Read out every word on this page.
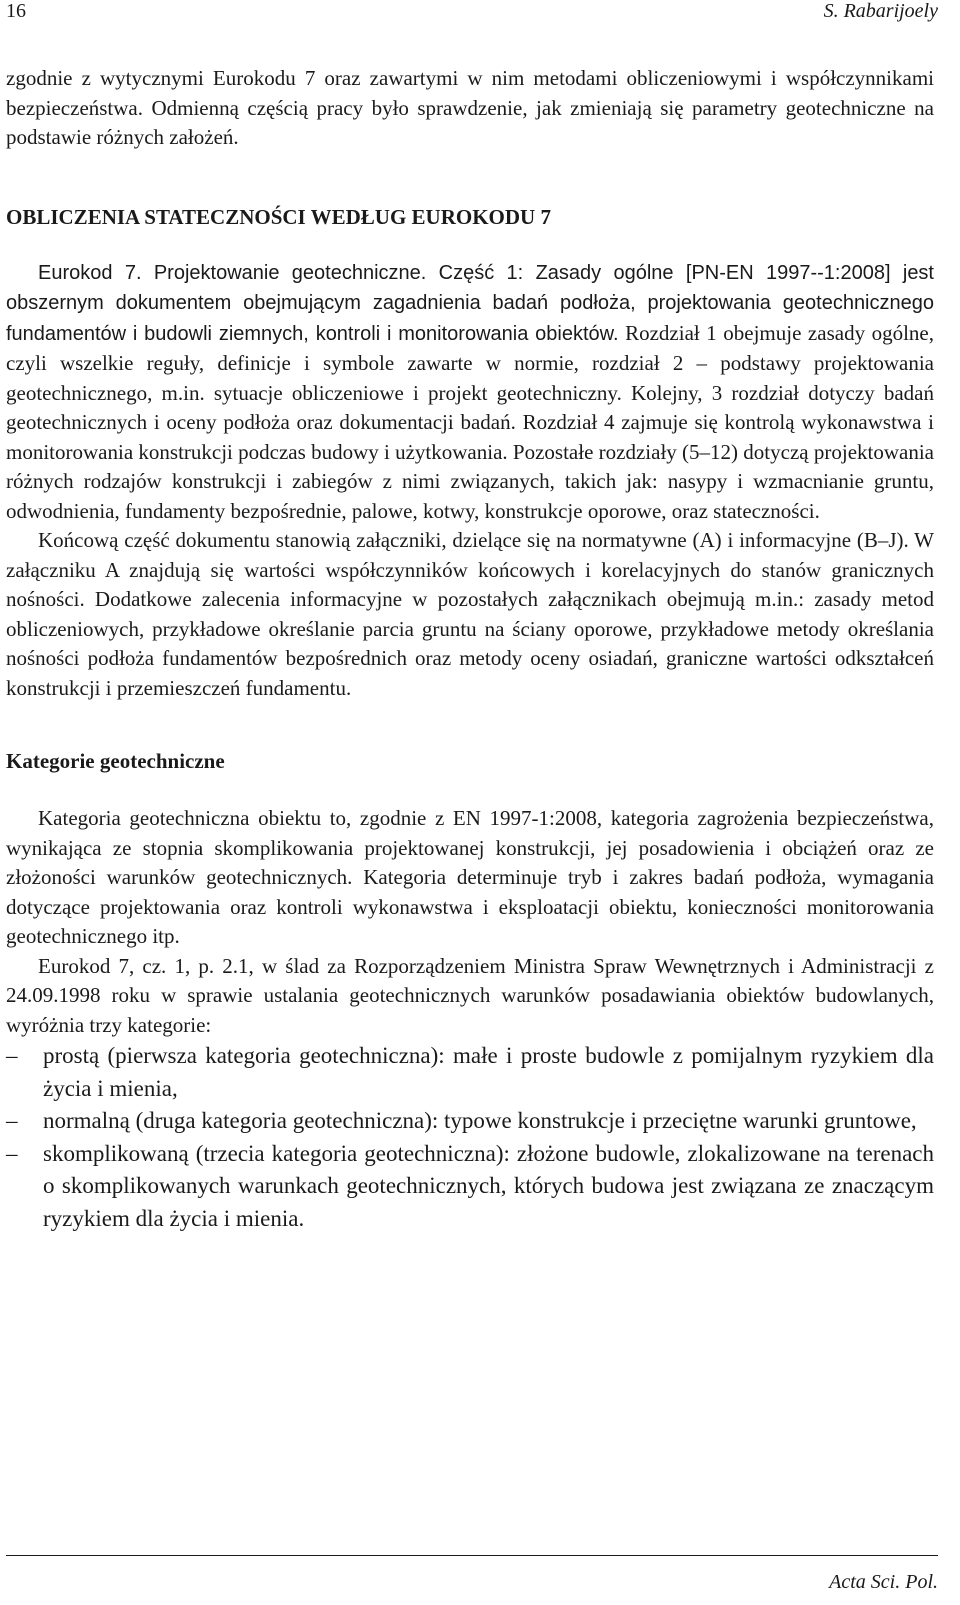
16	S. Rabarijoely

zgodnie z wytycznymi Eurokodu 7 oraz zawartymi w nim metodami obliczeniowymi i współczynnikami bezpieczeństwa. Odmienną częścią pracy było sprawdzenie, jak zmieniają się parametry geotechniczne na podstawie różnych założeń.

OBLICZENIA STATECZNOŚCI WEDŁUG EUROKODU 7

Eurokod 7. Projektowanie geotechniczne. Część 1: Zasady ogólne [PN-EN 1997--1:2008] jest obszernym dokumentem obejmującym zagadnienia badań podłoża, projektowania geotechnicznego fundamentów i budowli ziemnych, kontroli i monitorowania obiektów. Rozdział 1 obejmuje zasady ogólne, czyli wszelkie reguły, definicje i symbole zawarte w normie, rozdział 2 – podstawy projektowania geotechnicznego, m.in. sytuacje obliczeniowe i projekt geotechniczny. Kolejny, 3 rozdział dotyczy badań geotechnicznych i oceny podłoża oraz dokumentacji badań. Rozdział 4 zajmuje się kontrolą wykonawstwa i monitorowania konstrukcji podczas budowy i użytkowania. Pozostałe rozdziały (5–12) dotyczą projektowania różnych rodzajów konstrukcji i zabiegów z nimi związanych, takich jak: nasypy i wzmacnianie gruntu, odwodnienia, fundamenty bezpośrednie, palowe, kotwy, konstrukcje oporowe, oraz stateczności.

Końcową część dokumentu stanowią załączniki, dzielące się na normatywne (A) i informacyjne (B–J). W załączniku A znajdują się wartości współczynników końcowych i korelacyjnych do stanów granicznych nośności. Dodatkowe zalecenia informacyjne w pozostałych załącznikach obejmują m.in.: zasady metod obliczeniowych, przykładowe określanie parcia gruntu na ściany oporowe, przykładowe metody określania nośności podłoża fundamentów bezpośrednich oraz metody oceny osiadań, graniczne wartości odkształceń konstrukcji i przemieszczeń fundamentu.

Kategorie geotechniczne

Kategoria geotechniczna obiektu to, zgodnie z EN 1997-1:2008, kategoria zagrożenia bezpieczeństwa, wynikająca ze stopnia skomplikowania projektowanej konstrukcji, jej posadowienia i obciążeń oraz ze złożoności warunków geotechnicznych. Kategoria determinuje tryb i zakres badań podłoża, wymagania dotyczące projektowania oraz kontroli wykonawstwa i eksploatacji obiektu, konieczności monitorowania geotechnicznego itp.

Eurokod 7, cz. 1, p. 2.1, w ślad za Rozporządzeniem Ministra Spraw Wewnętrznych i Administracji z 24.09.1998 roku w sprawie ustalania geotechnicznych warunków posadawiania obiektów budowlanych, wyróżnia trzy kategorie:

–	prostą (pierwsza kategoria geotechniczna): małe i proste budowle z pomijalnym ryzykiem dla życia i mienia,
–	normalną (druga kategoria geotechniczna): typowe konstrukcje i przeciętne warunki gruntowe,
–	skomplikowaną (trzecia kategoria geotechniczna): złożone budowle, zlokalizowane na terenach o skomplikowanych warunkach geotechnicznych, których budowa jest związana ze znaczącym ryzykiem dla życia i mienia.
Acta Sci. Pol.
